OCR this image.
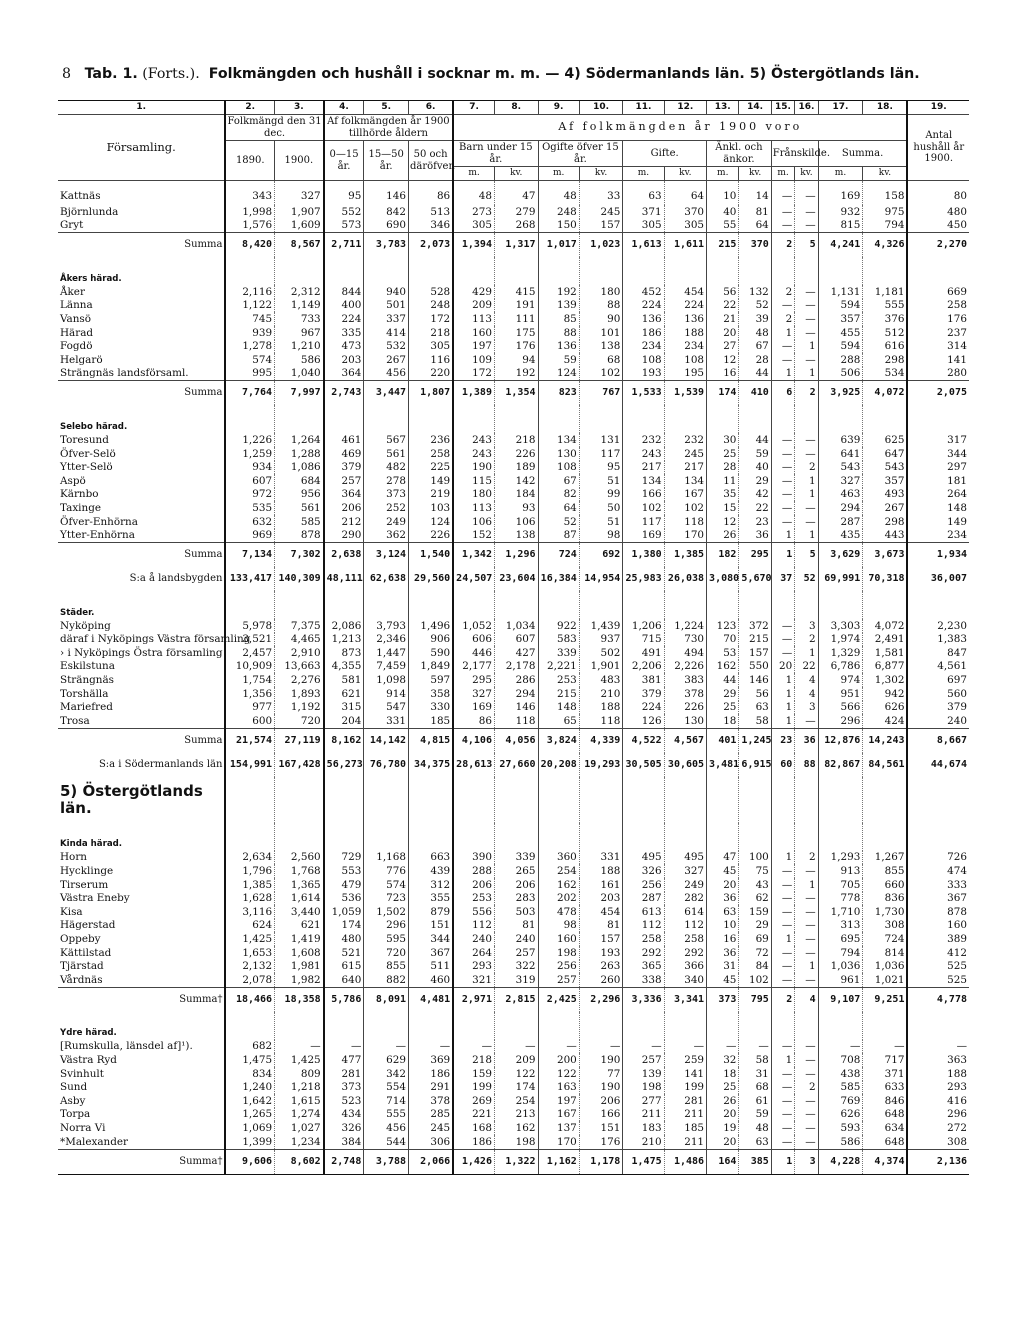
8 Tab. 1. (Forts.). Folkmängden och hushåll i socknar m. m. — 4) Södermanlands län. 5) Östergötlands län.
1.	2.	3.	4.	5.	6.	7.	8.	9.	10.	11.	12.	13.	14.	15.	16.	17.	18.	19.
Församling.	Folkmängd den 31 dec.		Af folkmängden år 1900 tillhörde åldern			Af folkmängden år 1900 voro												Antal hushåll år 1900.
	1890.	1900.	0—15 år.	15—50 år.	50 och däröfver.	Barn under 15 år.		Ogifte öfver 15 år.		Gifte.		Änkl. och änkor.		Frånskilde.		Summa.		
						m.	kv.	m.	kv.	m.	kv.	m.	kv.	m.	kv.	m.	kv.	
Kattnäs	343	327	95	146	86	48	47	48	33	63	64	10	14	—	—	169	158	80
Björnlunda	1,998	1,907	552	842	513	273	279	248	245	371	370	40	81	—	—	932	975	480
Gryt	1,576	1,609	573	690	346	305	268	150	157	305	305	55	64	—	—	815	794	450
Summa	8,420	8,567	2,711	3,783	2,073	1,394	1,317	1,017	1,023	1,613	1,611	215	370	2	5	4,241	4,326	2,270
Åkers härad.																		
Åker	2,116	2,312	844	940	528	429	415	192	180	452	454	56	132	2	—	1,131	1,181	669
Länna	1,122	1,149	400	501	248	209	191	139	88	224	224	22	52	—	—	594	555	258
Vansö	745	733	224	337	172	113	111	85	90	136	136	21	39	2	—	357	376	176
Härad	939	967	335	414	218	160	175	88	101	186	188	20	48	1	—	455	512	237
Fogdö	1,278	1,210	473	532	305	197	176	136	138	234	234	27	67	—	1	594	616	314
Helgarö	574	586	203	267	116	109	94	59	68	108	108	12	28	—	—	288	298	141
Strängnäs landsförsaml.	995	1,040	364	456	220	172	192	124	102	193	195	16	44	1	1	506	534	280
Summa	7,764	7,997	2,743	3,447	1,807	1,389	1,354	823	767	1,533	1,539	174	410	6	2	3,925	4,072	2,075
Selebo härad.																		
Toresund	1,226	1,264	461	567	236	243	218	134	131	232	232	30	44	—	—	639	625	317
Öfver-Selö	1,259	1,288	469	561	258	243	226	130	117	243	245	25	59	—	—	641	647	344
Ytter-Selö	934	1,086	379	482	225	190	189	108	95	217	217	28	40	—	2	543	543	297
Aspö	607	684	257	278	149	115	142	67	51	134	134	11	29	—	1	327	357	181
Kärnbo	972	956	364	373	219	180	184	82	99	166	167	35	42	—	1	463	493	264
Taxinge	535	561	206	252	103	113	93	64	50	102	102	15	22	—	—	294	267	148
Öfver-Enhörna	632	585	212	249	124	106	106	52	51	117	118	12	23	—	—	287	298	149
Ytter-Enhörna	969	878	290	362	226	152	138	87	98	169	170	26	36	1	1	435	443	234
Summa	7,134	7,302	2,638	3,124	1,540	1,342	1,296	724	692	1,380	1,385	182	295	1	5	3,629	3,673	1,934
S:a å landsbygden	133,417	140,309	48,111	62,638	29,560	24,507	23,604	16,384	14,954	25,983	26,038	3,080	5,670	37	52	69,991	70,318	36,007
Städer.																		
Nyköping	5,978	7,375	2,086	3,793	1,496	1,052	1,034	922	1,439	1,206	1,224	123	372	—	3	3,303	4,072	2,230
däraf i Nyköpings Västra församling	3,521	4,465	1,213	2,346	906	606	607	583	937	715	730	70	215	—	2	1,974	2,491	1,383
› i Nyköpings Östra församling	2,457	2,910	873	1,447	590	446	427	339	502	491	494	53	157	—	1	1,329	1,581	847
Eskilstuna	10,909	13,663	4,355	7,459	1,849	2,177	2,178	2,221	1,901	2,206	2,226	162	550	20	22	6,786	6,877	4,561
Strängnäs	1,754	2,276	581	1,098	597	295	286	253	483	381	383	44	146	1	4	974	1,302	697
Torshälla	1,356	1,893	621	914	358	327	294	215	210	379	378	29	56	1	4	951	942	560
Mariefred	977	1,192	315	547	330	169	146	148	188	224	226	25	63	1	3	566	626	379
Trosa	600	720	204	331	185	86	118	65	118	126	130	18	58	1	—	296	424	240
Summa	21,574	27,119	8,162	14,142	4,815	4,106	4,056	3,824	4,339	4,522	4,567	401	1,245	23	36	12,876	14,243	8,667
S:a i Södermanlands län	154,991	167,428	56,273	76,780	34,375	28,613	27,660	20,208	19,293	30,505	30,605	3,481	6,915	60	88	82,867	84,561	44,674
5) Östergötlands län.																		
Kinda härad.																		
Horn	2,634	2,560	729	1,168	663	390	339	360	331	495	495	47	100	1	2	1,293	1,267	726
Hycklinge	1,796	1,768	553	776	439	288	265	254	188	326	327	45	75	—	—	913	855	474
Tirserum	1,385	1,365	479	574	312	206	206	162	161	256	249	20	43	—	1	705	660	333
Västra Eneby	1,628	1,614	536	723	355	253	283	202	203	287	282	36	62	—	—	778	836	367
Kisa	3,116	3,440	1,059	1,502	879	556	503	478	454	613	614	63	159	—	—	1,710	1,730	878
Hägerstad	624	621	174	296	151	112	81	98	81	112	112	10	29	—	—	313	308	160
Oppeby	1,425	1,419	480	595	344	240	240	160	157	258	258	16	69	1	—	695	724	389
Kättilstad	1,653	1,608	521	720	367	264	257	198	193	292	292	36	72	—	—	794	814	412
Tjärstad	2,132	1,981	615	855	511	293	322	256	263	365	366	31	84	—	1	1,036	1,036	525
Vårdnäs	2,078	1,982	640	882	460	321	319	257	260	338	340	45	102	—	—	961	1,021	525
Summa†	18,466	18,358	5,786	8,091	4,481	2,971	2,815	2,425	2,296	3,336	3,341	373	795	2	4	9,107	9,251	4,778
Ydre härad.																		
[Rumskulla, länsdel af]¹).	682	—	—	—	—	—	—	—	—	—	—	—	—	—	—	—	—	—
Västra Ryd	1,475	1,425	477	629	369	218	209	200	190	257	259	32	58	1	—	708	717	363
Svinhult	834	809	281	342	186	159	122	122	77	139	141	18	31	—	—	438	371	188
Sund	1,240	1,218	373	554	291	199	174	163	190	198	199	25	68	—	2	585	633	293
Asby	1,642	1,615	523	714	378	269	254	197	206	277	281	26	61	—	—	769	846	416
Torpa	1,265	1,274	434	555	285	221	213	167	166	211	211	20	59	—	—	626	648	296
Norra Vi	1,069	1,027	326	456	245	168	162	137	151	183	185	19	48	—	—	593	634	272
*Malexander	1,399	1,234	384	544	306	186	198	170	176	210	211	20	63	—	—	586	648	308
Summa†	9,606	8,602	2,748	3,788	2,066	1,426	1,322	1,162	1,178	1,475	1,486	164	385	1	3	4,228	4,374	2,136
